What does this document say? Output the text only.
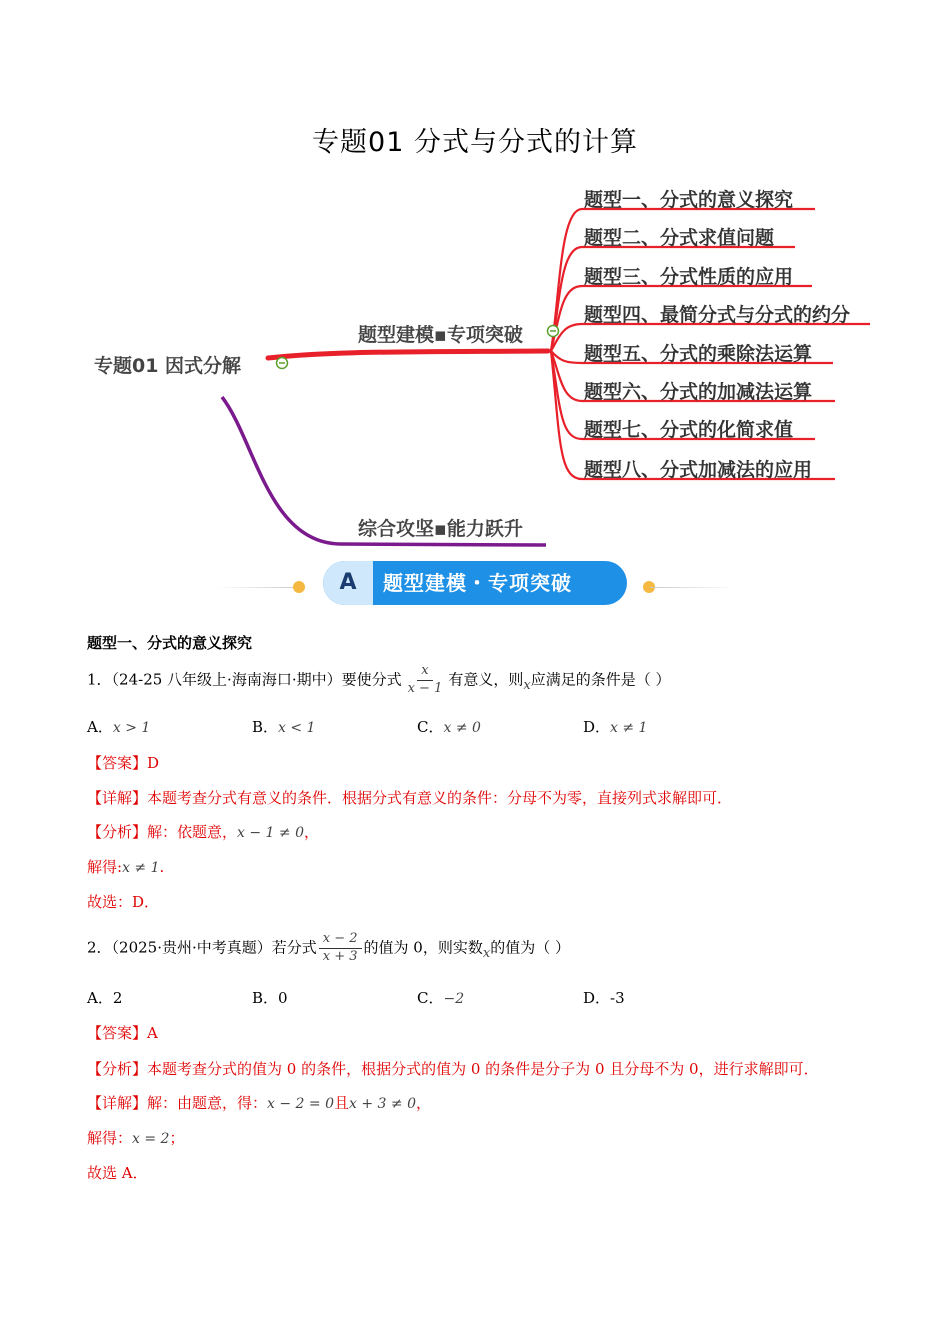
专题01 分式与分式的计算
专题01 因式分解
题型建模▪专项突破
综合攻坚▪能力跃升
题型一、分式的意义探究
题型二、分式求值问题
题型三、分式性质的应用
题型四、最简分式与分式的约分
题型五、分式的乘除法运算
题型六、分式的加减法运算
题型七、分式的化简求值
题型八、分式加减法的应用
A	题型建模・专项突破
题型一、分式的意义探究
1．（24-25 八年级上·海南海口·期中）要使分式 $\frac{x}{x - 1}$ 有意义，则x应满足的条件是（ ）
A．x > 1	B．x < 1	C．x ≠ 0	D．x ≠ 1
【答案】D
【详解】本题考查分式有意义的条件．根据分式有意义的条件：分母不为零，直接列式求解即可．
【分析】解：依题意，x − 1 ≠ 0，
解得:x ≠ 1.
故选：D．
2．（2025·贵州·中考真题）若分式 $\frac{x - 2}{x + 3}$ 的值为 0，则实数x的值为（ ）
A．2	B．0	C．−2	D．-3
【答案】A
【分析】本题考查分式的值为 0 的条件，根据分式的值为 0 的条件是分子为 0 且分母不为 0，进行求解即可．
【详解】解：由题意，得：x − 2 = 0且x + 3 ≠ 0，
解得：x = 2；
故选 A．
